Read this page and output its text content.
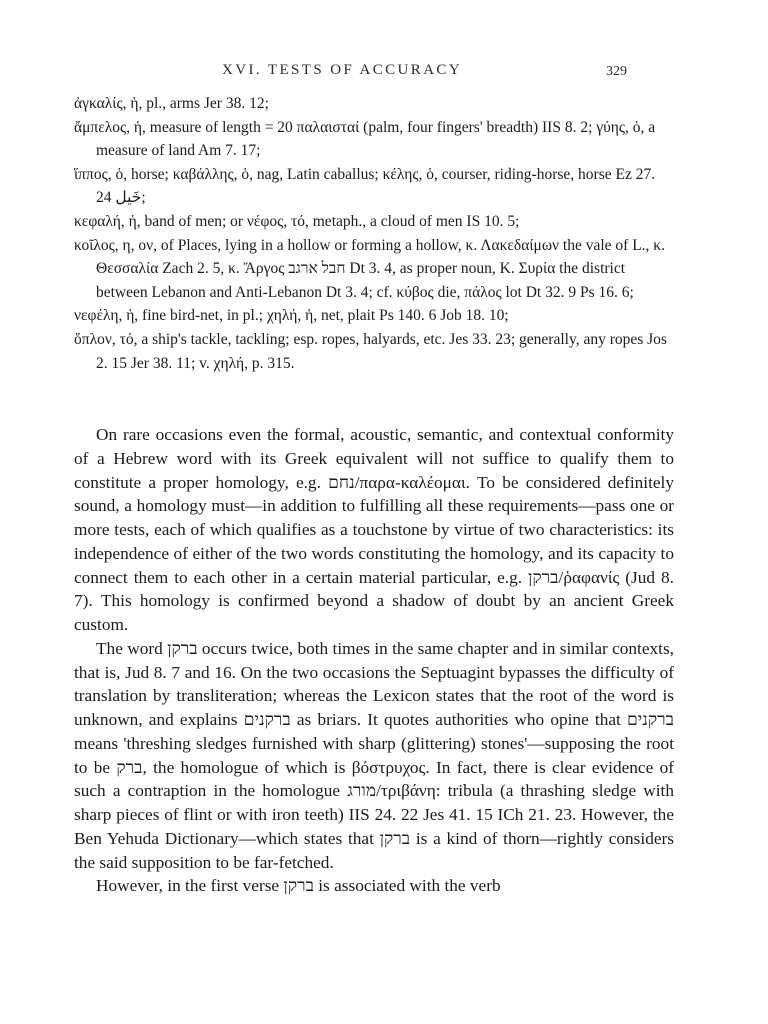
XVI. TESTS OF ACCURACY	329

ἀγκαλίς, ἡ, pl., arms Jer 38. 12;

ἄμπελος, ἡ, measure of length = 20 παλαισταί (palm, four fingers' breadth) IIS 8. 2; γύης, ὁ, a measure of land Am 7. 17;

ἵππος, ὁ, horse; καβάλλης, ὁ, nag, Latin caballus; κέλης, ὁ, courser, riding-horse, horse Ez 27. 24 خَيل;

κεφαλή, ἡ, band of men; or νέφος, τό, metaph., a cloud of men IS 10. 5;

κοῖλος, η, ον, of Places, lying in a hollow or forming a hollow, κ. Λακεδαίμων the vale of L., κ. Θεσσαλία Zach 2. 5, κ. Ἄργος חבל ארגב Dt 3. 4, as proper noun, Κ. Συρία the district between Lebanon and Anti-Lebanon Dt 3. 4; cf. κύβος die, πάλος lot Dt 32. 9 Ps 16. 6;

νεφέλη, ἡ, fine bird-net, in pl.; χηλή, ἡ, net, plait Ps 140. 6 Job 18. 10;

ὅπλον, τό, a ship's tackle, tackling; esp. ropes, halyards, etc. Jes 33. 23; generally, any ropes Jos 2. 15 Jer 38. 11; v. χηλή, p. 315.

On rare occasions even the formal, acoustic, semantic, and contextual conformity of a Hebrew word with its Greek equivalent will not suffice to qualify them to constitute a proper homology, e.g. נחם/παρα-καλέομαι. To be considered definitely sound, a homology must—in addition to fulfilling all these requirements—pass one or more tests, each of which qualifies as a touchstone by virtue of two characteristics: its independence of either of the two words constituting the homology, and its capacity to connect them to each other in a certain material particular, e.g. ברקן/ῥαφανίς (Jud 8. 7). This homology is confirmed beyond a shadow of doubt by an ancient Greek custom.

The word ברקן occurs twice, both times in the same chapter and in similar contexts, that is, Jud 8. 7 and 16. On the two occasions the Septuagint bypasses the difficulty of translation by transliteration; whereas the Lexicon states that the root of the word is unknown, and explains ברקנים as briars. It quotes authorities who opine that ברקנים means 'threshing sledges furnished with sharp (glittering) stones'—supposing the root to be ברק, the homologue of which is βόστρυχος. In fact, there is clear evidence of such a contraption in the homologue מורג/τριβάνη: tribula (a thrashing sledge with sharp pieces of flint or with iron teeth) IIS 24. 22 Jes 41. 15 ICh 21. 23. However, the Ben Yehuda Dictionary—which states that ברקן is a kind of thorn—rightly considers the said supposition to be far-fetched.

However, in the first verse ברקן is associated with the verb
